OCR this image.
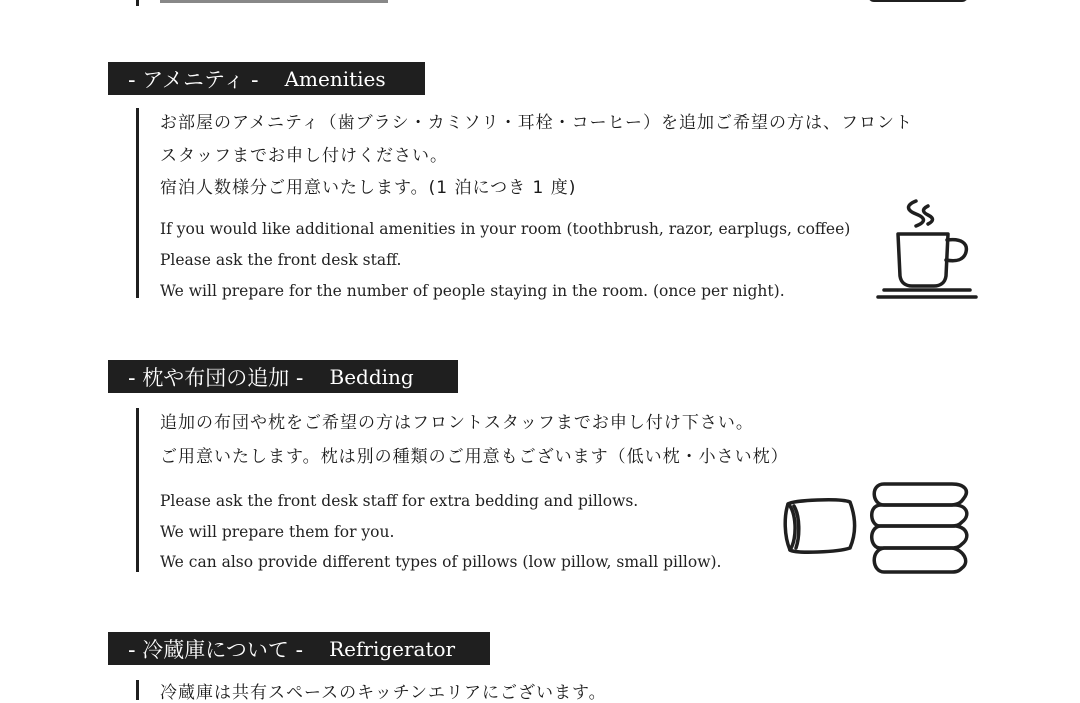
- アメニティ - Amenities
お部屋のアメニティ（歯ブラシ・カミソリ・耳栓・コーヒー）を追加ご希望の方は、フロント
スタッフまでお申し付けください。
宿泊人数様分ご用意いたします。(1 泊につき 1 度)
If you would like additional amenities in your room (toothbrush, razor, earplugs, coffee)
Please ask the front desk staff.
We will prepare for the number of people staying in the room. (once per night).
- 枕や布団の追加 - Bedding
追加の布団や枕をご希望の方はフロントスタッフまでお申し付け下さい。
ご用意いたします。枕は別の種類のご用意もございます（低い枕・小さい枕）
Please ask the front desk staff for extra bedding and pillows.
We will prepare them for you.
We can also provide different types of pillows (low pillow, small pillow).
- 冷蔵庫について - Refrigerator
冷蔵庫は共有スペースのキッチンエリアにございます。
